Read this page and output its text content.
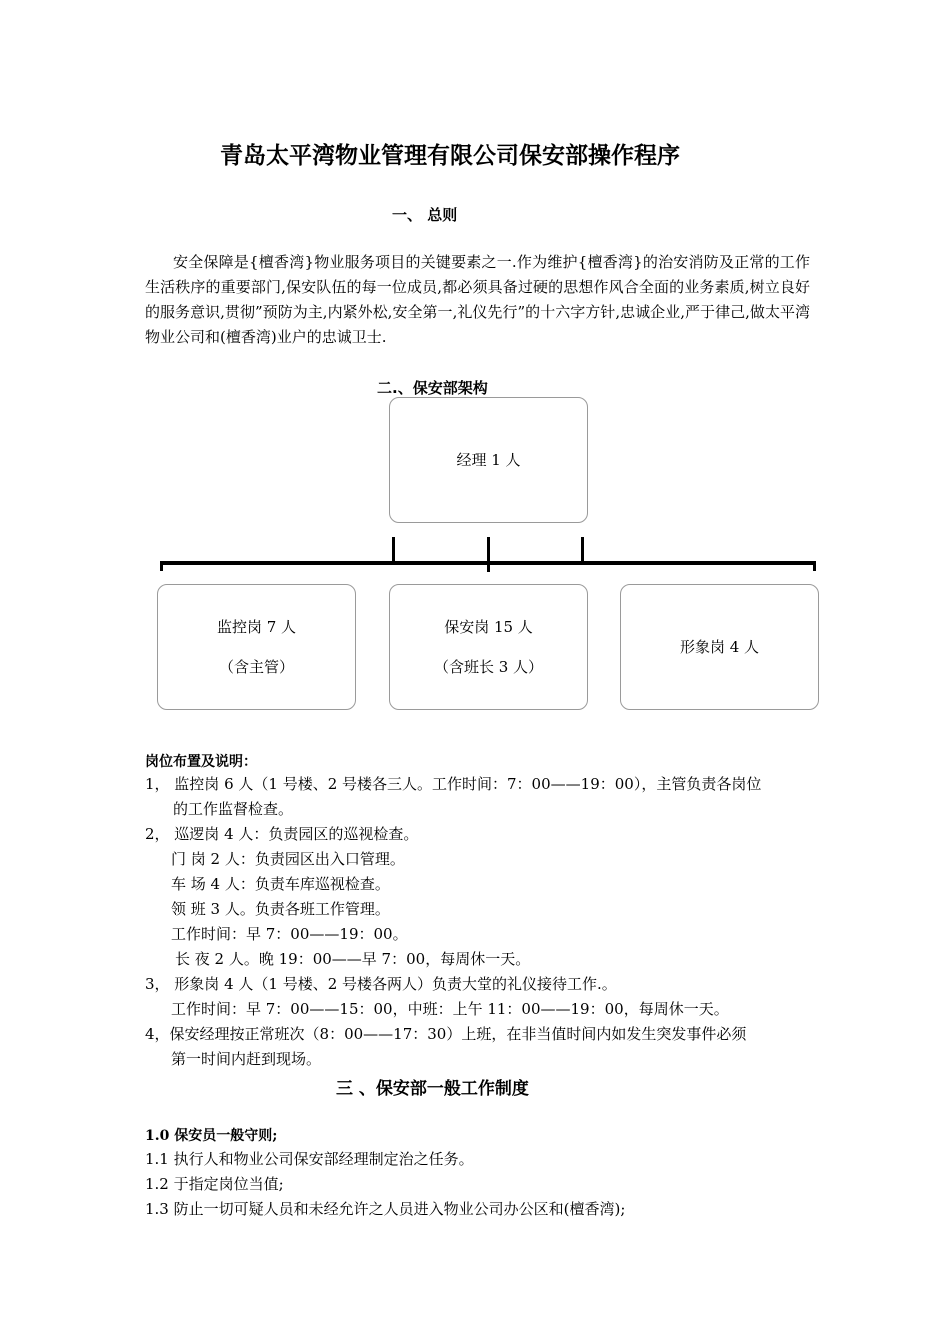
青岛太平湾物业管理有限公司保安部操作程序
一、 总则
安全保障是{檀香湾}物业服务项目的关键要素之一.作为维护{檀香湾}的治安消防及正常的工作生活秩序的重要部门,保安队伍的每一位成员,都必须具备过硬的思想作风合全面的业务素质,树立良好的服务意识,贯彻”预防为主,内紧外松,安全第一,礼仪先行”的十六字方针,忠诚企业,严于律己,做太平湾物业公司和(檀香湾)业户的忠诚卫士.
二.、保安部架构
经理 1 人
监控岗 7 人
（含主管）
保安岗 15 人
（含班长 3 人）
形象岗 4 人
岗位布置及说明：
1， 监控岗 6 人（1 号楼、2 号楼各三人。工作时间：7：00——19：00），主管负责各岗位
的工作监督检查。
2， 巡逻岗 4 人：负责园区的巡视检查。
门 岗 2 人：负责园区出入口管理。
车 场 4 人：负责车库巡视检查。
领 班 3 人。负责各班工作管理。
工作时间：早 7：00——19：00。
长 夜 2 人。晚 19：00——早 7：00，每周休一天。
3， 形象岗 4 人（1 号楼、2 号楼各两人）负责大堂的礼仪接待工作.。
工作时间：早 7：00——15：00，中班：上午 11：00——19：00，每周休一天。
4，保安经理按正常班次（8：00——17：30）上班，在非当值时间内如发生突发事件必须
第一时间内赶到现场。
三 、保安部一般工作制度
1.0 保安员一般守则;
1.1 执行人和物业公司保安部经理制定治之任务。
1.2 于指定岗位当值;
1.3 防止一切可疑人员和未经允许之人员进入物业公司办公区和(檀香湾);
